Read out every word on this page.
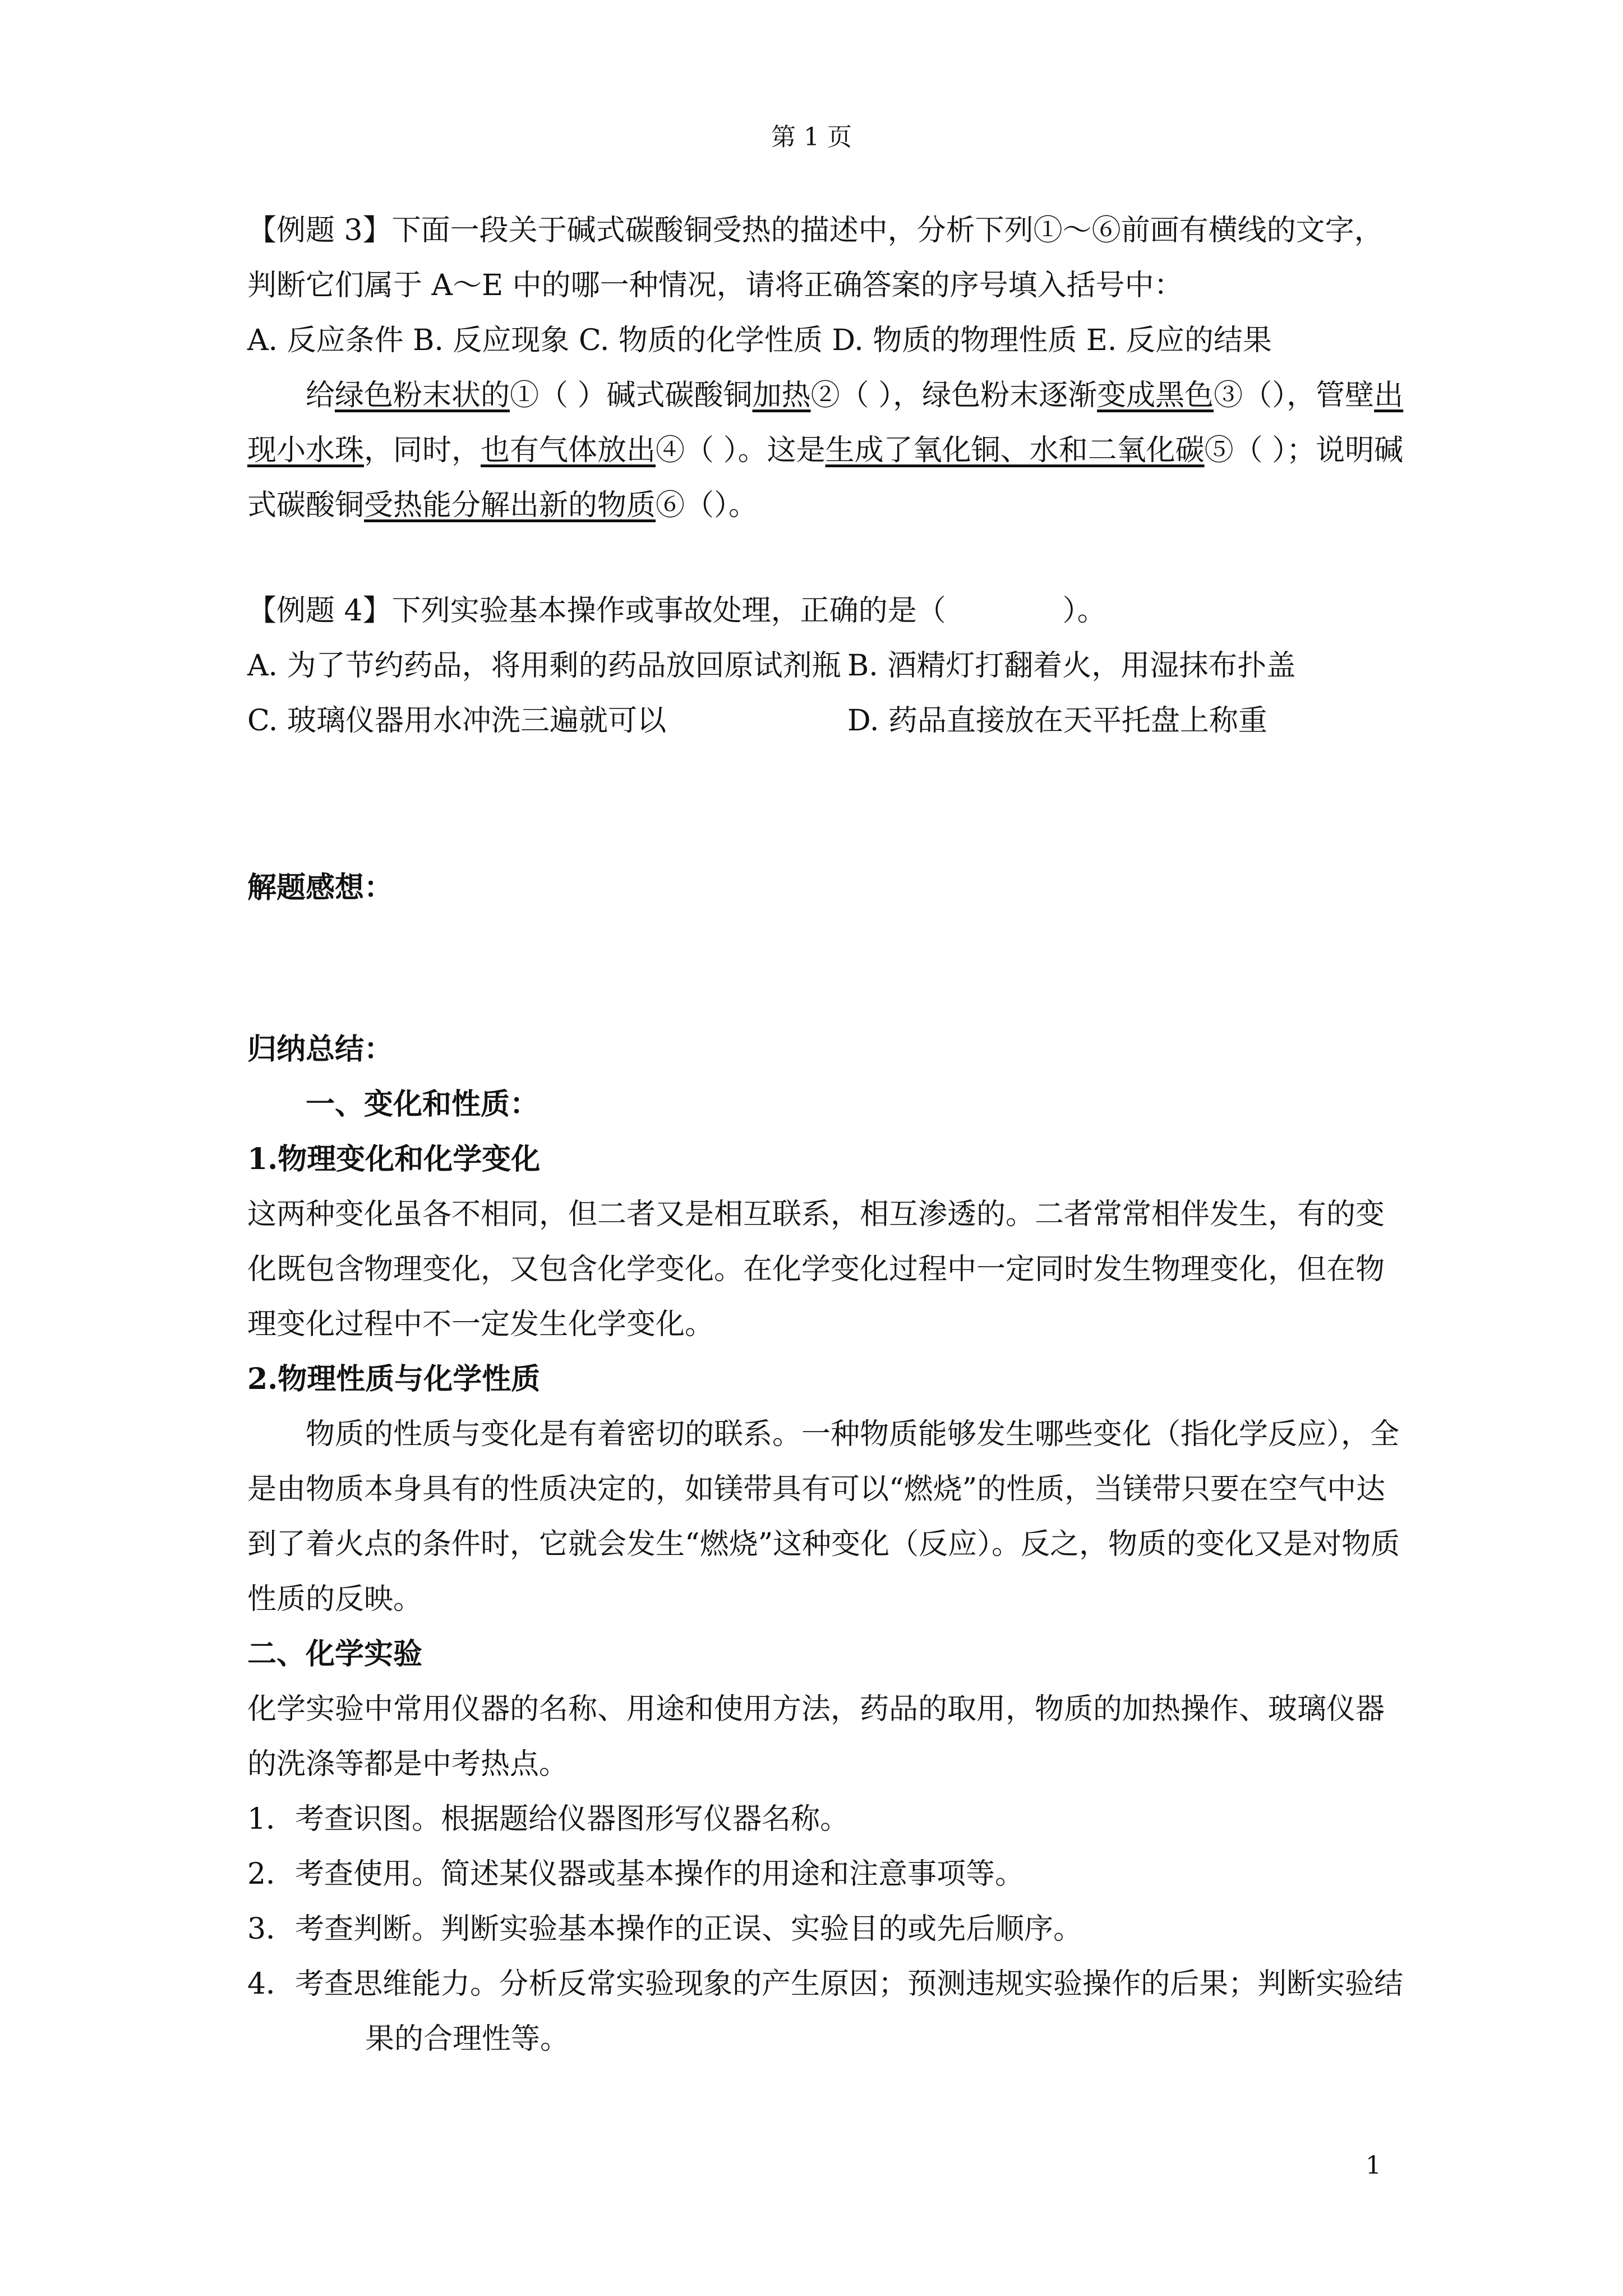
第 1 页

【例题 3】下面一段关于碱式碳酸铜受热的描述中，分析下列①～⑥前画有横线的文字，判断它们属于 A～E 中的哪一种情况，请将正确答案的序号填入括号中：

A. 反应条件 B. 反应现象 C. 物质的化学性质 D. 物质的物理性质 E. 反应的结果

给绿色粉末状的①（ ）碱式碳酸铜加热②（ ），绿色粉末逐渐变成黑色③（），管壁出现小水珠，同时，也有气体放出④（ ）。这是生成了氧化铜、水和二氧化碳⑤（ ）；说明碱式碳酸铜受热能分解出新的物质⑥（）。

【例题 4】下列实验基本操作或事故处理，正确的是（　　　　）。

A. 为了节约药品，将用剩的药品放回原试剂瓶 B. 酒精灯打翻着火，用湿抹布扑盖
C. 玻璃仪器用水冲洗三遍就可以	D. 药品直接放在天平托盘上称重

解题感想：

归纳总结：

一、变化和性质：

1.物理变化和化学变化

这两种变化虽各不相同，但二者又是相互联系，相互渗透的。二者常常相伴发生，有的变化既包含物理变化，又包含化学变化。在化学变化过程中一定同时发生物理变化，但在物理变化过程中不一定发生化学变化。

2.物理性质与化学性质

物质的性质与变化是有着密切的联系。一种物质能够发生哪些变化（指化学反应），全是由物质本身具有的性质决定的，如镁带具有可以“燃烧”的性质，当镁带只要在空气中达到了着火点的条件时，它就会发生“燃烧”这种变化（反应）。反之，物质的变化又是对物质性质的反映。

二、化学实验

化学实验中常用仪器的名称、用途和使用方法，药品的取用，物质的加热操作、玻璃仪器的洗涤等都是中考热点。

1．考查识图。根据题给仪器图形写仪器名称。

2．考查使用。简述某仪器或基本操作的用途和注意事项等。

3．考查判断。判断实验基本操作的正误、实验目的或先后顺序。

4．考查思维能力。分析反常实验现象的产生原因；预测违规实验操作的后果；判断实验结

果的合理性等。

1
